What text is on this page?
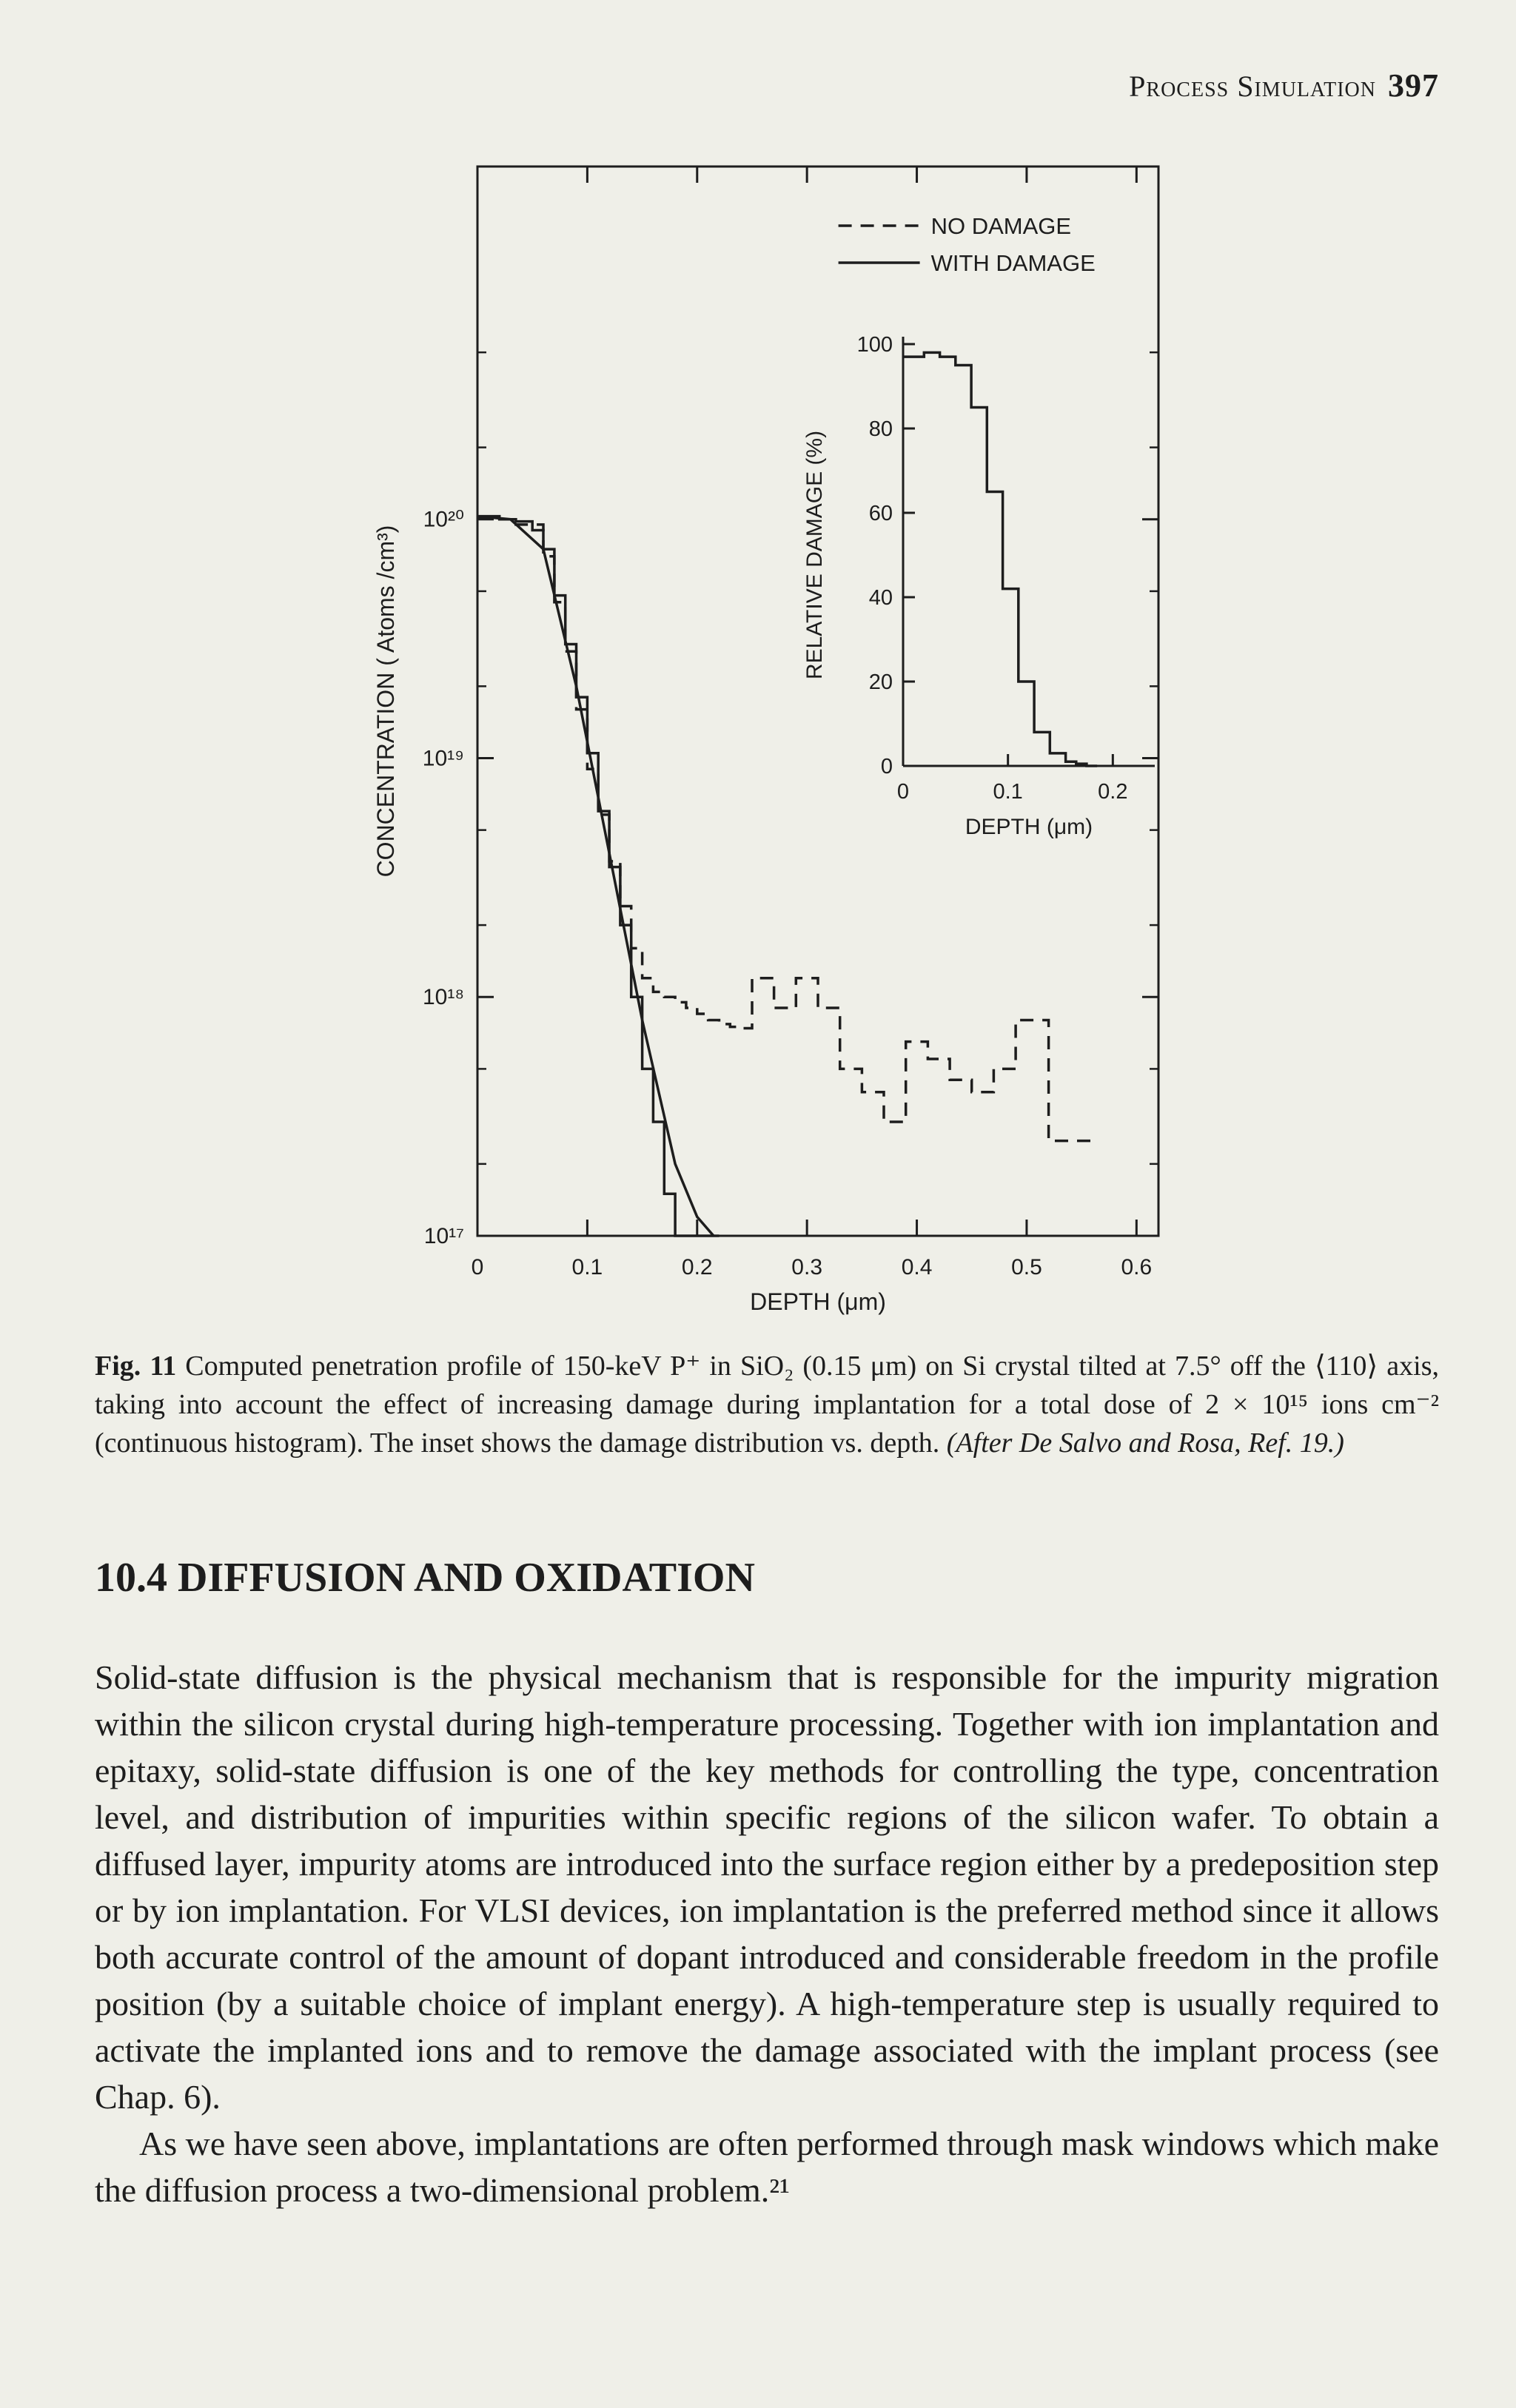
Process Simulation 397
0	0.1	0.2	0.3	0.4	0.5	0.6
10²⁰
10¹⁹
10¹⁸
10¹⁷
DEPTH (μm)
CONCENTRATION ( Atoms /cm³)
NO DAMAGE
WITH DAMAGE
0	0.1	0.2
0
20
40
60
80
100
DEPTH (μm)
RELATIVE DAMAGE (%)
Fig. 11 Computed penetration profile of 150-keV P⁺ in SiO₂ (0.15 μm) on Si crystal tilted at 7.5° off the ⟨110⟩ axis, taking into account the effect of increasing damage during implantation for a total dose of 2 × 10¹⁵ ions cm⁻² (continuous histogram). The inset shows the damage distribution vs. depth. (After De Salvo and Rosa, Ref. 19.)
10.4 DIFFUSION AND OXIDATION

Solid-state diffusion is the physical mechanism that is responsible for the impurity migration within the silicon crystal during high-temperature processing. Together with ion implantation and epitaxy, solid-state diffusion is one of the key methods for controlling the type, concentration level, and distribution of impurities within specific regions of the silicon wafer. To obtain a diffused layer, impurity atoms are introduced into the surface region either by a predeposition step or by ion implantation. For VLSI devices, ion implantation is the preferred method since it allows both accurate control of the amount of dopant introduced and considerable freedom in the profile position (by a suitable choice of implant energy). A high-temperature step is usually required to activate the implanted ions and to remove the damage associated with the implant process (see Chap. 6).

As we have seen above, implantations are often performed through mask windows which make the diffusion process a two-dimensional problem.²¹
